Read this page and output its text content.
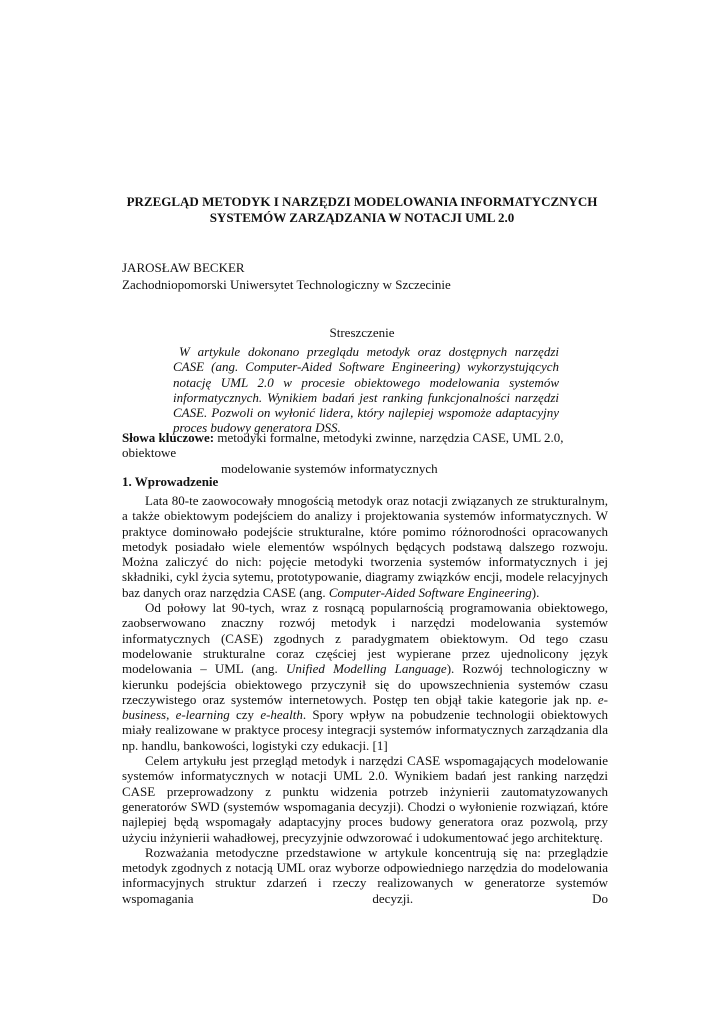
PRZEGLĄD METODYK I NARZĘDZI MODELOWANIA INFORMATYCZNYCH
SYSTEMÓW ZARZĄDZANIA W NOTACJI UML 2.0
JAROSŁAW BECKER
Zachodniopomorski Uniwersytet Technologiczny w Szczecinie
Streszczenie
W artykule dokonano przeglądu metodyk oraz dostępnych narzędzi CASE (ang. Computer-Aided Software Engineering) wykorzystujących notację UML 2.0 w procesie obiektowego modelowania systemów informatycznych. Wynikiem badań jest ranking funkcjonalności narzędzi CASE. Pozwoli on wyłonić lidera, który najlepiej wspomoże adaptacyjny proces budowy generatora DSS.
Słowa kluczowe: metodyki formalne, metodyki zwinne, narzędzia CASE, UML 2.0, obiektowe
modelowanie systemów informatycznych
1. Wprowadzenie

Lata 80-te zaowocowały mnogością metodyk oraz notacji związanych ze strukturalnym, a także obiektowym podejściem do analizy i projektowania systemów informatycznych. W praktyce dominowało podejście strukturalne, które pomimo różnorodności opracowanych metodyk posiadało wiele elementów wspólnych będących podstawą dalszego rozwoju. Można zaliczyć do nich: pojęcie metodyki tworzenia systemów informatycznych i jej składniki, cykl życia sytemu, prototypowanie, diagramy związków encji, modele relacyjnych baz danych oraz narzędzia CASE (ang. Computer-Aided Software Engineering).

Od połowy lat 90-tych, wraz z rosnącą popularnością programowania obiektowego, zaobserwowano znaczny rozwój metodyk i narzędzi modelowania systemów informatycznych (CASE) zgodnych z paradygmatem obiektowym. Od tego czasu modelowanie strukturalne coraz częściej jest wypierane przez ujednolicony język modelowania – UML (ang. Unified Modelling Language). Rozwój technologiczny w kierunku podejścia obiektowego przyczynił się do upowszechnienia systemów czasu rzeczywistego oraz systemów internetowych. Postęp ten objął takie kategorie jak np. e-business, e-learning czy e-health. Spory wpływ na pobudzenie technologii obiektowych miały realizowane w praktyce procesy integracji systemów informatycznych zarządzania dla np. handlu, bankowości, logistyki czy edukacji. [1]

Celem artykułu jest przegląd metodyk i narzędzi CASE wspomagających modelowanie systemów informatycznych w notacji UML 2.0. Wynikiem badań jest ranking narzędzi CASE przeprowadzony z punktu widzenia potrzeb inżynierii zautomatyzowanych generatorów SWD (systemów wspomagania decyzji). Chodzi o wyłonienie rozwiązań, które najlepiej będą wspomagały adaptacyjny proces budowy generatora oraz pozwolą, przy użyciu inżynierii wahadłowej, precyzyjnie odwzorować i udokumentować jego architekturę.

Rozważania metodyczne przedstawione w artykule koncentrują się na: przeglądzie metodyk zgodnych z notacją UML oraz wyborze odpowiedniego narzędzia do modelowania informacyjnych struktur zdarzeń i rzeczy realizowanych w generatorze systemów wspomagania decyzji. Do
